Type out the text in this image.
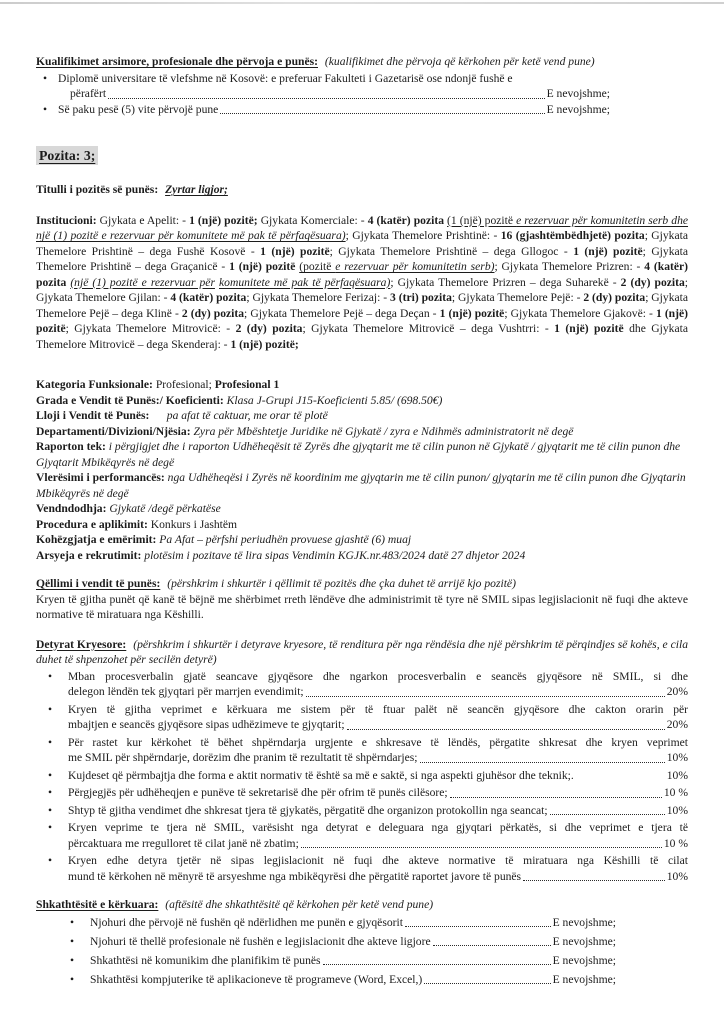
Kualifikimet arsimore, profesionale dhe përvoja e punës: (kualifikimet dhe përvoja që kërkohen për ketë vend pune)

• Diplomë universitare të vlefshme në Kosovë: e preferuar Fakulteti i Gazetarisë ose ndonjë fushë e
përafërt	E nevojshme;
• Së paku pesë (5) vite përvojë pune	E nevojshme;

Pozita: 3;

Titulli i pozitës së punës: Zyrtar ligjor;

Institucioni: Gjykata e Apelit: - 1 (një) pozitë; Gjykata Komerciale: - 4 (katër) pozita (1 (një) pozitë e rezervuar për komunitetin serb dhe një (1) pozitë e rezervuar për komunitete më pak të përfaqësuara); Gjykata Themelore Prishtinë: - 16 (gjashtëmbëdhjetë) pozita; Gjykata Themelore Prishtinë – dega Fushë Kosovë - 1 (një) pozitë; Gjykata Themelore Prishtinë – dega Gllogoc - 1 (një) pozitë; Gjykata Themelore Prishtinë – dega Graçanicë - 1 (një) pozitë (pozitë e rezervuar për komunitetin serb); Gjykata Themelore Prizren: - 4 (katër) pozita (një (1) pozitë e rezervuar për komunitete më pak të përfaqësuara); Gjykata Themelore Prizren – dega Suharekë - 2 (dy) pozita; Gjykata Themelore Gjilan: - 4 (katër) pozita; Gjykata Themelore Ferizaj: - 3 (tri) pozita; Gjykata Themelore Pejë: - 2 (dy) pozita; Gjykata Themelore Pejë – dega Klinë - 2 (dy) pozita; Gjykata Themelore Pejë – dega Deçan - 1 (një) pozitë; Gjykata Themelore Gjakovë: - 1 (një) pozitë; Gjykata Themelore Mitrovicë: - 2 (dy) pozita; Gjykata Themelore Mitrovicë – dega Vushtrri: - 1 (një) pozitë dhe Gjykata Themelore Mitrovicë – dega Skenderaj: - 1 (një) pozitë;

Kategoria Funksionale: Profesional; Profesional 1

Grada e Vendit të Punës:/ Koeficienti: Klasa J-Grupi J15-Koeficienti 5.85/ (698.50€)

Lloji i Vendit të Punës:      pa afat të caktuar, me orar të plotë

Departamenti/Divizioni/Njësia: Zyra për Mbështetje Juridike në Gjykatë / zyra e Ndihmës administratorit në degë

Raporton tek: i përgjigjet dhe i raporton Udhëheqësit të Zyrës dhe gjyqtarit me të cilin punon në Gjykatë / gjyqtarit me të cilin punon dhe Gjyqtarit Mbikëqyrës në degë

Vlerësimi i performancës: nga Udhëheqësi i Zyrës në koordinim me gjyqtarin me të cilin punon/ gjyqtarin me të cilin punon dhe Gjyqtarin Mbikëqyrës në degë

Vendndodhja: Gjykatë /degë përkatëse

Procedura e aplikimit: Konkurs i Jashtëm

Kohëzgjatja e emërimit: Pa Afat – përfshi periudhën provuese gjashtë (6) muaj

Arsyeja e rekrutimit: plotësim i pozitave të lira sipas Vendimin KGJK.nr.483/2024 datë 27 dhjetor 2024

Qëllimi i vendit të punës: (përshkrim i shkurtër i qëllimit të pozitës dhe çka duhet të arrijë kjo pozitë)

Kryen të gjitha punët që kanë të bëjnë me shërbimet rreth lëndëve dhe administrimit të tyre në SMIL sipas legjislacionit në fuqi dhe akteve normative të miratuara nga Këshilli.

Detyrat Kryesore: (përshkrim i shkurtër i detyrave kryesore, të renditura për nga rëndësia dhe një përshkrim të përqindjes së kohës, e cila duhet të shpenzohet për secilën detyrë)

• Mban procesverbalin gjatë seancave gjyqësore dhe ngarkon procesverbalin e seancës gjyqësore në SMIL, si dhe
delegon lëndën tek gjyqtari për marrjen evendimit;	20%
• Kryen të gjitha veprimet e kërkuara me sistem për të ftuar palët në seancën gjyqësore dhe cakton orarin për
mbajtjen e seancës gjyqësore sipas udhëzimeve te gjyqtarit;	20%
• Për rastet kur kërkohet të bëhet shpërndarja urgjente e shkresave të lëndës, përgatite shkresat dhe kryen veprimet
me SMIL për shpërndarje, dorëzim dhe pranim të rezultatit të shpërndarjes;	10%
• Kujdeset që përmbajtja dhe forma e aktit normativ të është sa më e saktë, si nga aspekti gjuhësor dhe teknik;.	10%
• Përgjegjës për udhëheqjen e punëve të sekretarisë dhe për ofrim të punës cilësore;	10 %
• Shtyp të gjitha vendimet dhe shkresat tjera të gjykatës, përgatitë dhe organizon protokollin nga seancat;	10%
• Kryen veprime te tjera në SMIL, varësisht nga detyrat e deleguara nga gjyqtari përkatës, si dhe veprimet e tjera të
përcaktuara me rregulloret të cilat janë në zbatim;	10 %
• Kryen edhe detyra tjetër në sipas legjislacionit në fuqi dhe akteve normative të miratuara nga Këshilli të cilat
mund të kërkohen në mënyrë të arsyeshme nga mbikëqyrësi dhe përgatitë raportet javore të punës	10%

Shkathtësitë e kërkuara: (aftësitë dhe shkathtësitë që kërkohen për ketë vend pune)

• Njohuri dhe përvojë në fushën që ndërlidhen me punën e gjyqësorit	E nevojshme;
• Njohuri të thellë profesionale në fushën e legjislacionit dhe akteve ligjore	E nevojshme;
• Shkathtësi në komunikim dhe planifikim të punës	E nevojshme;
• Shkathtësi kompjuterike të aplikacioneve të programeve (Word, Excel,)	E nevojshme;
